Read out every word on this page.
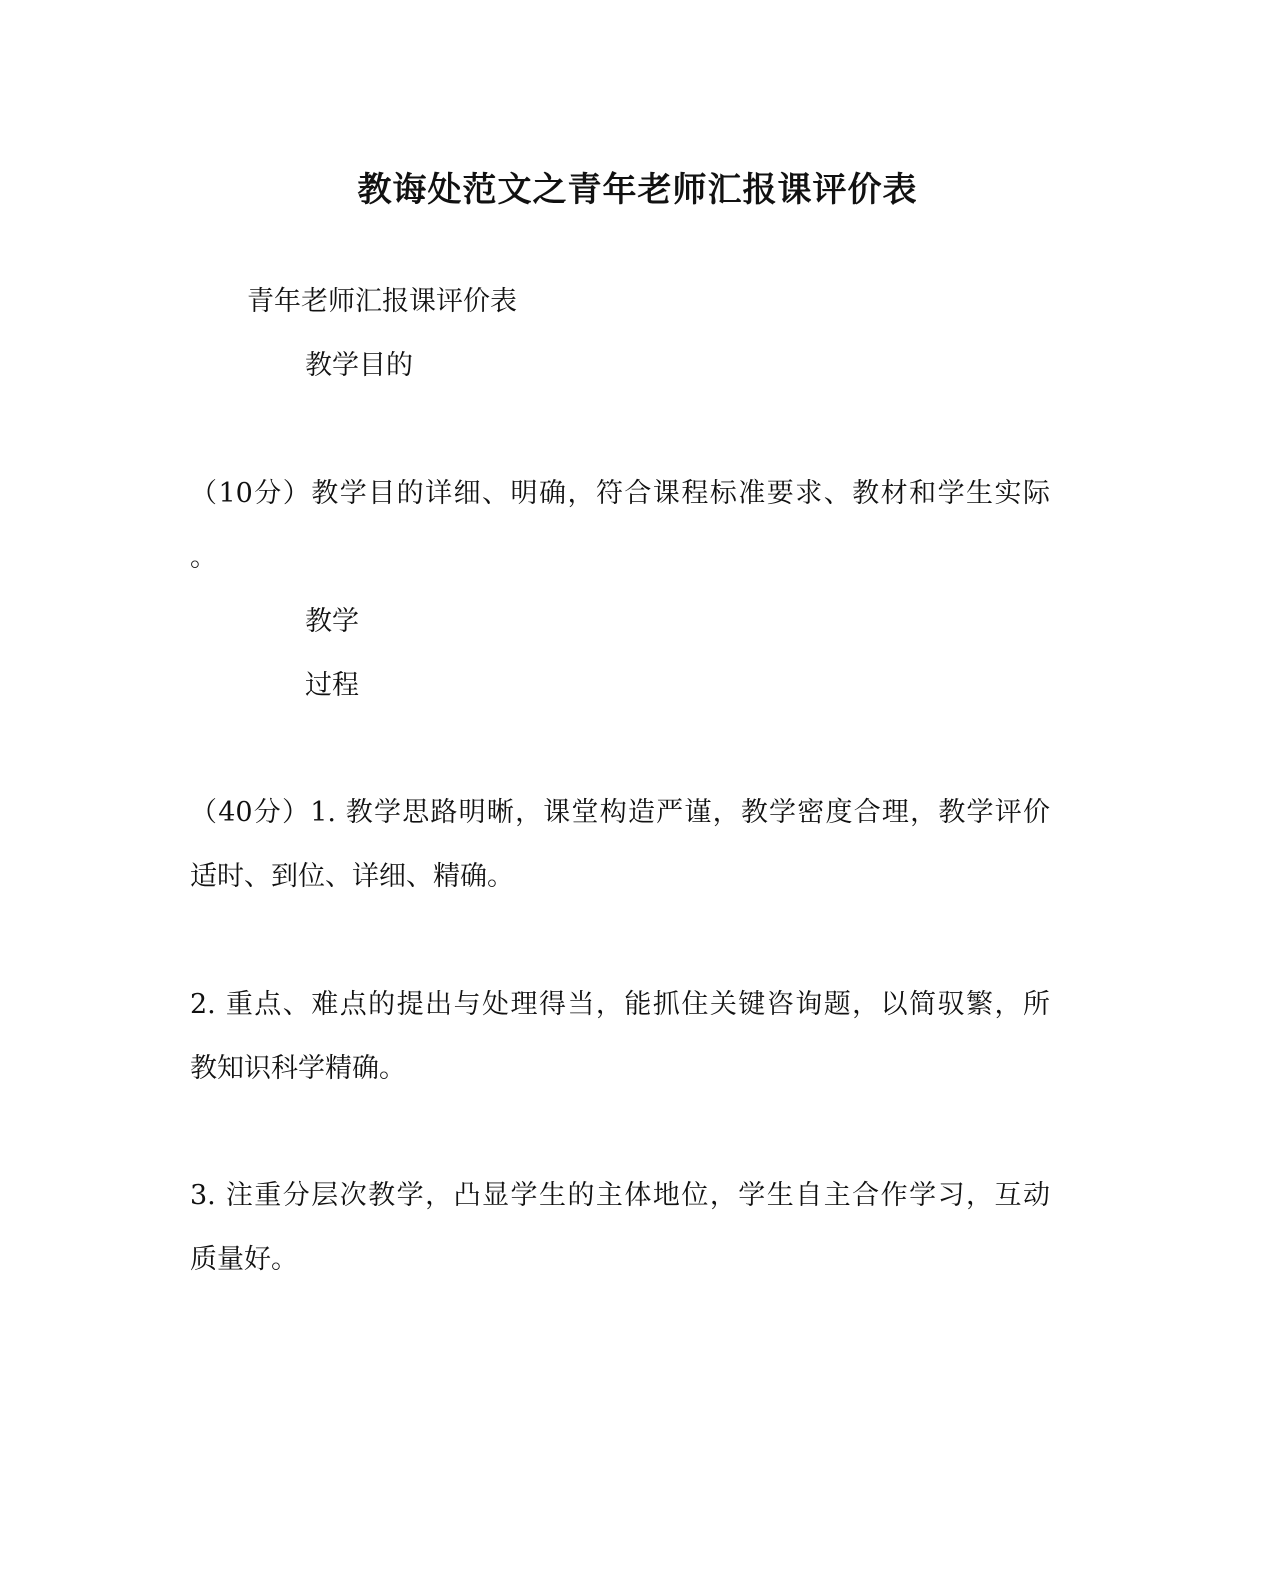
教诲处范文之青年老师汇报课评价表
青年老师汇报课评价表
教学目的
（10分）教学目的详细、明确，符合课程标准要求、教材和学生实际
。
教学
过程
（40分）1. 教学思路明晰，课堂构造严谨，教学密度合理，教学评价
适时、到位、详细、精确。
2. 重点、难点的提出与处理得当，能抓住关键咨询题，以简驭繁，所
教知识科学精确。
3. 注重分层次教学，凸显学生的主体地位，学生自主合作学习，互动
质量好。
